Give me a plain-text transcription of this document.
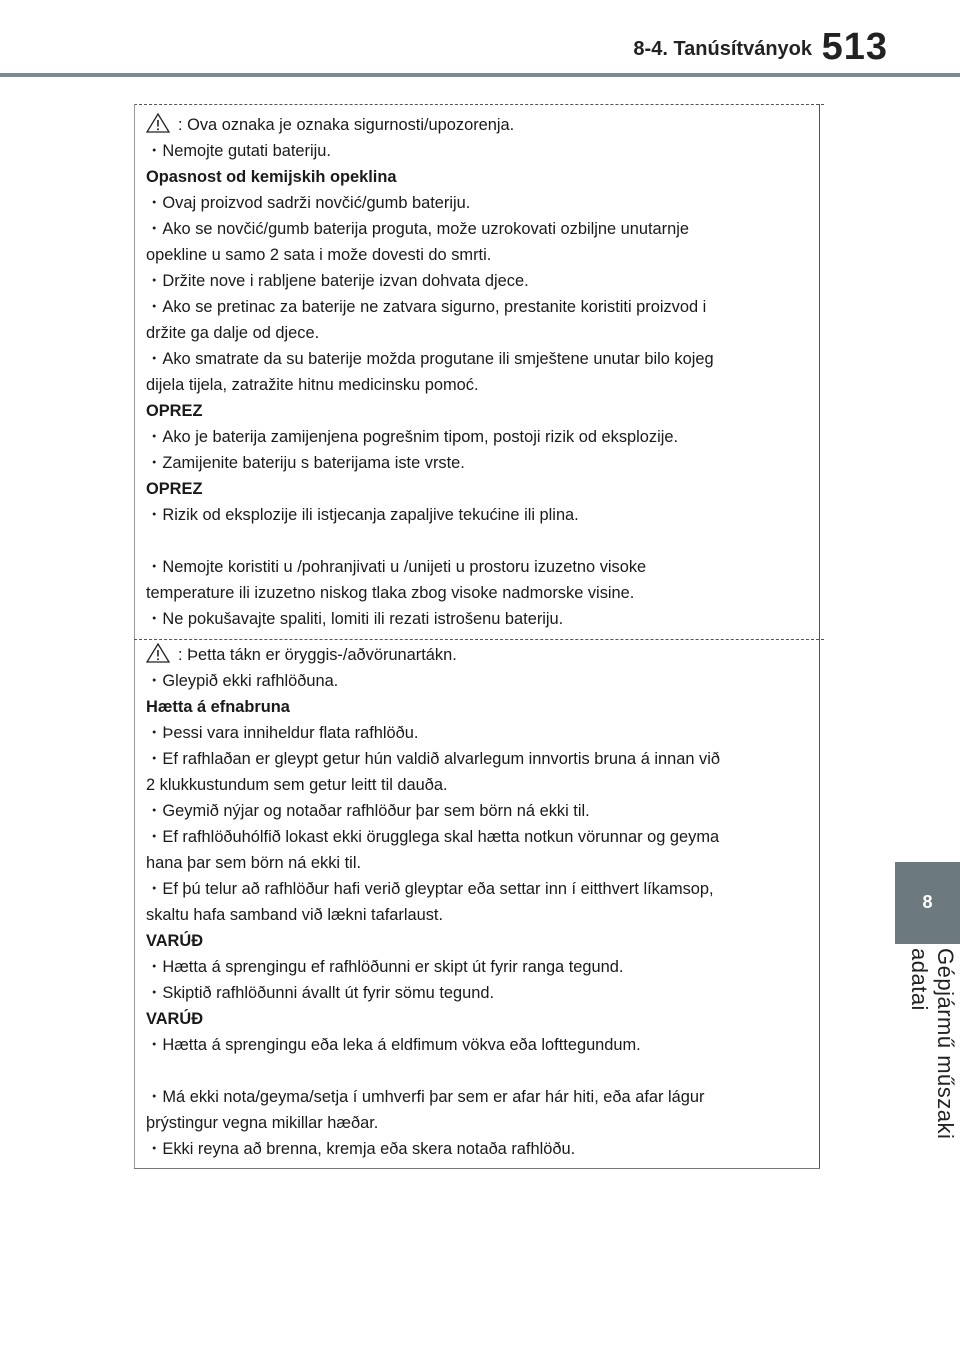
8-4. Tanúsítványok 513
8
Gépjármű műszaki adatai
: Ova oznaka je oznaka sigurnosti/upozorenja.
・Nemojte gutati bateriju.
Opasnost od kemijskih opeklina
・Ovaj proizvod sadrži novčić/gumb bateriju.
・Ako se novčić/gumb baterija proguta, može uzrokovati ozbiljne unutarnje
opekline u samo 2 sata i može dovesti do smrti.
・Držite nove i rabljene baterije izvan dohvata djece.
・Ako se pretinac za baterije ne zatvara sigurno, prestanite koristiti proizvod i
držite ga dalje od djece.
・Ako smatrate da su baterije možda progutane ili smještene unutar bilo kojeg
dijela tijela, zatražite hitnu medicinsku pomoć.
OPREZ
・Ako je baterija zamijenjena pogrešnim tipom, postoji rizik od eksplozije.
・Zamijenite bateriju s baterijama iste vrste.
OPREZ
・Rizik od eksplozije ili istjecanja zapaljive tekućine ili plina.
・Nemojte koristiti u /pohranjivati u /unijeti u prostoru izuzetno visoke
temperature ili izuzetno niskog tlaka zbog visoke nadmorske visine.
・Ne pokušavajte spaliti, lomiti ili rezati istrošenu bateriju.
: Þetta tákn er öryggis-/aðvörunartákn.
・Gleypið ekki rafhlöðuna.
Hætta á efnabruna
・Þessi vara inniheldur flata rafhlöðu.
・Ef rafhlaðan er gleypt getur hún valdið alvarlegum innvortis bruna á innan við
2 klukkustundum sem getur leitt til dauða.
・Geymið nýjar og notaðar rafhlöður þar sem börn ná ekki til.
・Ef rafhlöðuhólfið lokast ekki örugglega skal hætta notkun vörunnar og geyma
hana þar sem börn ná ekki til.
・Ef þú telur að rafhlöður hafi verið gleyptar eða settar inn í eitthvert líkamsop,
skaltu hafa samband við lækni tafarlaust.
VARÚÐ
・Hætta á sprengingu ef rafhlöðunni er skipt út fyrir ranga tegund.
・Skiptið rafhlöðunni ávallt út fyrir sömu tegund.
VARÚÐ
・Hætta á sprengingu eða leka á eldfimum vökva eða lofttegundum.
・Má ekki nota/geyma/setja í umhverfi þar sem er afar hár hiti, eða afar lágur
þrýstingur vegna mikillar hæðar.
・Ekki reyna að brenna, kremja eða skera notaða rafhlöðu.
